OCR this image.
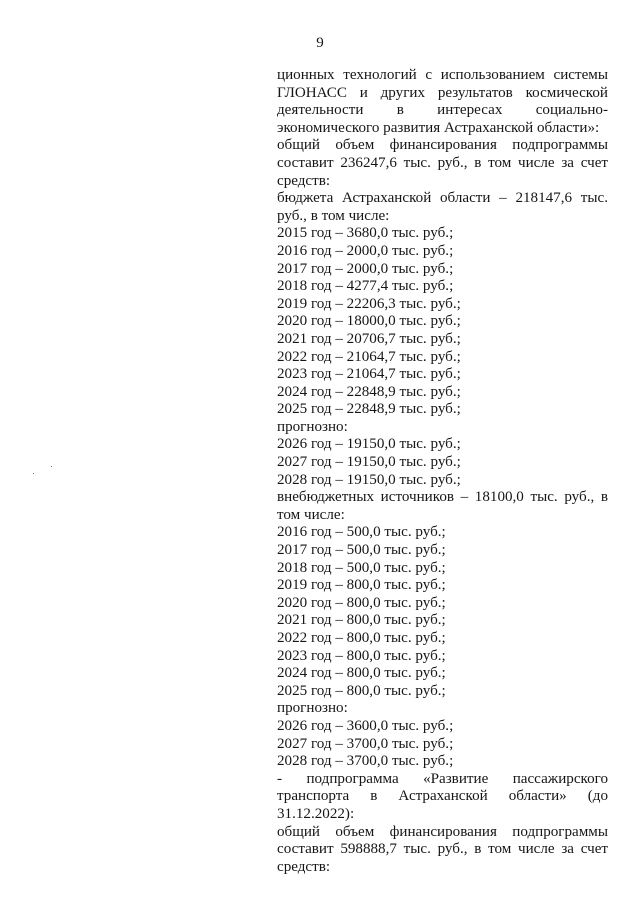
9

ционных технологий с использованием системы ГЛОНАСС и других результатов космической деятельности в интересах социально-экономического развития Астраханской области»:

общий объем финансирования подпрограммы составит 236247,6 тыс. руб., в том числе за счет средств:

бюджета Астраханской области – 218147,6 тыс. руб., в том числе:

2015 год – 3680,0 тыс. руб.;

2016 год – 2000,0 тыс. руб.;

2017 год – 2000,0 тыс. руб.;

2018 год – 4277,4 тыс. руб.;

2019 год – 22206,3 тыс. руб.;

2020 год – 18000,0 тыс. руб.;

2021 год – 20706,7 тыс. руб.;

2022 год – 21064,7 тыс. руб.;

2023 год – 21064,7 тыс. руб.;

2024 год – 22848,9 тыс. руб.;

2025 год – 22848,9 тыс. руб.;

прогнозно:

2026 год – 19150,0 тыс. руб.;

2027 год – 19150,0 тыс. руб.;

2028 год – 19150,0 тыс. руб.;

внебюджетных источников – 18100,0 тыс. руб., в том числе:

2016 год – 500,0 тыс. руб.;

2017 год – 500,0 тыс. руб.;

2018 год – 500,0 тыс. руб.;

2019 год – 800,0 тыс. руб.;

2020 год – 800,0 тыс. руб.;

2021 год – 800,0 тыс. руб.;

2022 год – 800,0 тыс. руб.;

2023 год – 800,0 тыс. руб.;

2024 год – 800,0 тыс. руб.;

2025 год – 800,0 тыс. руб.;

прогнозно:

2026 год – 3600,0 тыс. руб.;

2027 год – 3700,0 тыс. руб.;

2028 год – 3700,0 тыс. руб.;

- подпрограмма «Развитие пассажирского транспорта в Астраханской области» (до 31.12.2022):

общий объем финансирования подпрограммы составит 598888,7 тыс. руб., в том числе за счет средств:
